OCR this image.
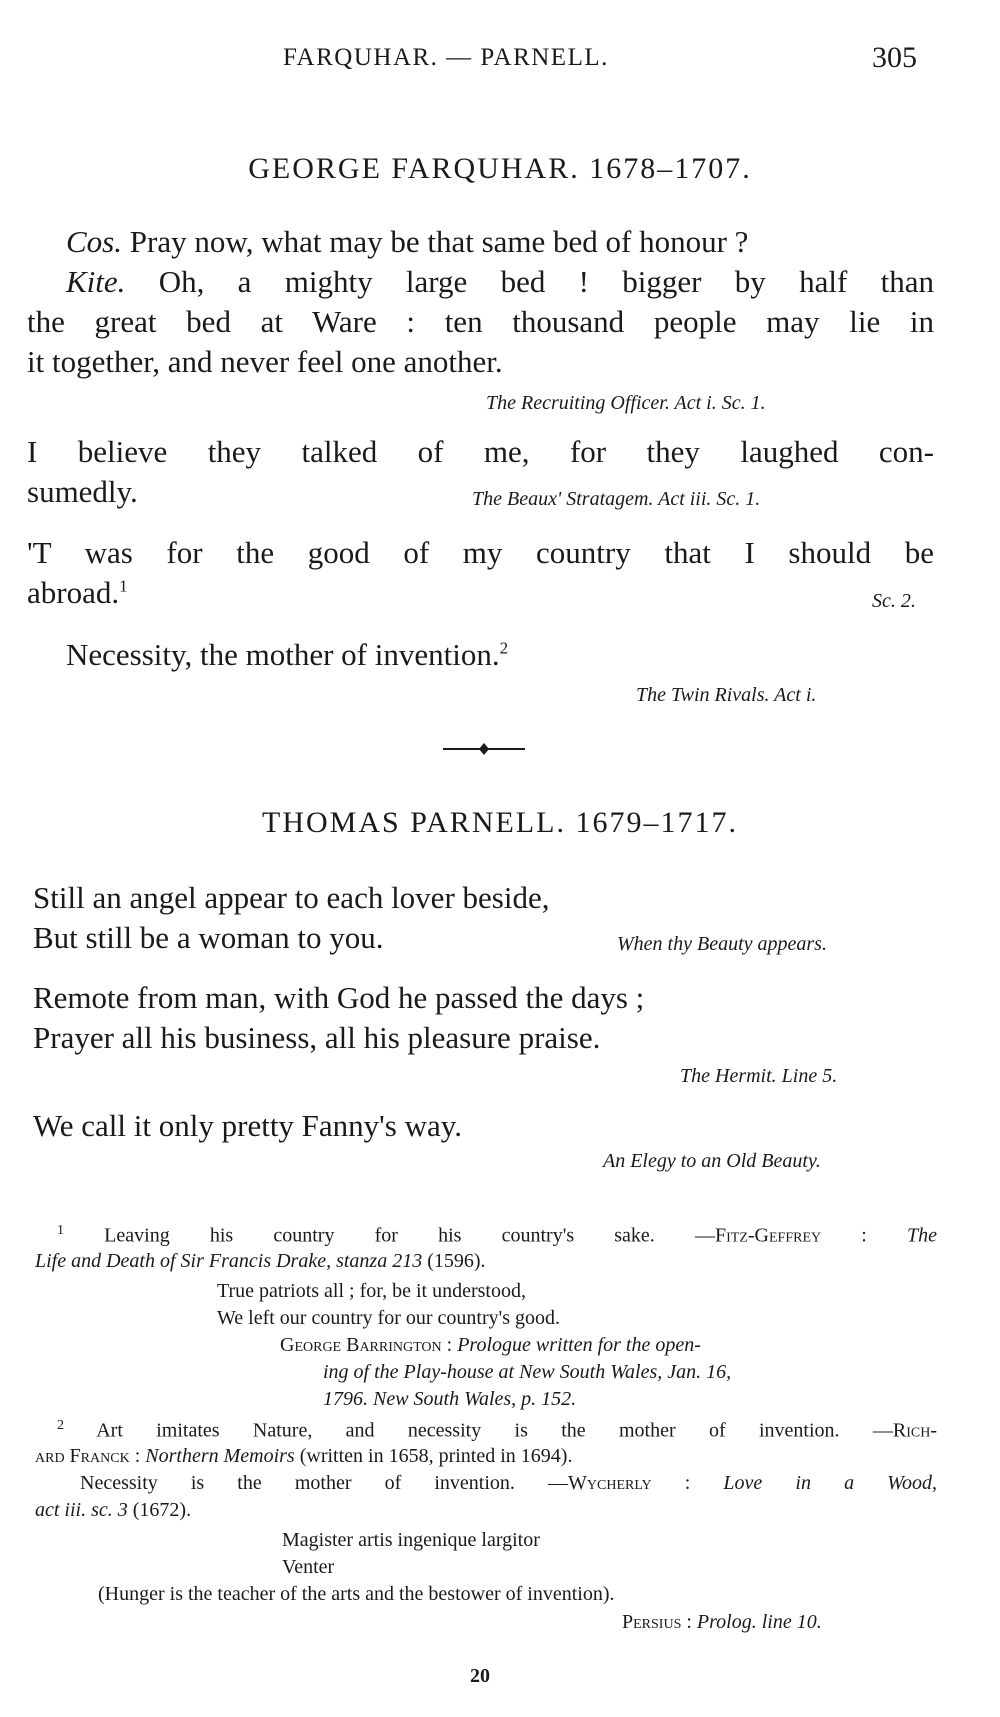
FARQUHAR. — PARNELL.	305
GEORGE FARQUHAR. 1678–1707.
Cos. Pray now, what may be that same bed of honour ?
Kite. Oh, a mighty large bed ! bigger by half than
the great bed at Ware : ten thousand people may lie in
it together, and never feel one another.
The Recruiting Officer. Act i. Sc. 1.
I believe they talked of me, for they laughed con-
sumedly.	The Beaux' Stratagem. Act iii. Sc. 1.
'T was for the good of my country that I should be
abroad.$^1$
Sc. 2.
Necessity, the mother of invention.$^2$
The Twin Rivals. Act i.
THOMAS PARNELL. 1679–1717.
Still an angel appear to each lover beside,
But still be a woman to you.	When thy Beauty appears.
Remote from man, with God he passed the days ;
Prayer all his business, all his pleasure praise.
The Hermit. Line 5.
We call it only pretty Fanny's way.
An Elegy to an Old Beauty.
$^1$ Leaving his country for his country's sake. —Fitz-Geffrey : The
Life and Death of Sir Francis Drake, stanza 213 (1596).
True patriots all ; for, be it understood,
We left our country for our country's good.
George Barrington : Prologue written for the open-
ing of the Play-house at New South Wales, Jan. 16,
1796. New South Wales, p. 152.
$^2$ Art imitates Nature, and necessity is the mother of invention. —Rich-
ard Franck : Northern Memoirs (written in 1658, printed in 1694).
Necessity is the mother of invention. —Wycherly : Love in a Wood,
act iii. sc. 3 (1672).
Magister artis ingenique largitor
Venter
(Hunger is the teacher of the arts and the bestower of invention).
Persius : Prolog. line 10.
20
